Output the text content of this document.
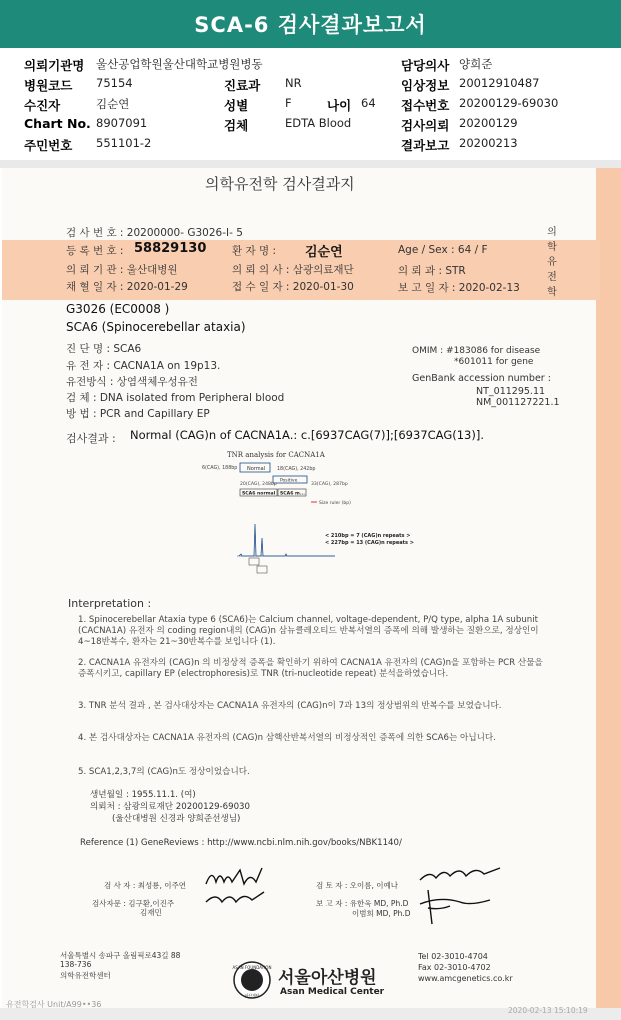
SCA-6 검사결과보고서
의뢰기관명 울산공업학원울산대학교병원병동	담당의사 양희준
병원코드 75154	진료과 NR	임상정보 20012910487
수진자	김순연	성별	F	나이 64 접수번호 20200129-69030
Chart No. 8907091	검체	EDTA Blood	검사의뢰 20200129
주민번호 551101-2	결과보고 20200213
의학유전학 검사결과지
검 사 번 호 : 20200000- G3026-I- 5
등 록 번 호 : 58829130 환 자 명 : 김순연	Age / Sex : 64 / F
의 뢰 기 관 : 울산대병원	의 뢰 의 사 : 삼광의료재단	의 뢰 과 : STR
채 혈 일 자 : 2020-01-29	접 수 일 자 : 2020-01-30	보 고 일 자 : 2020-02-13
의
학
유
전
학
G3026 (EC0008 )
SCA6 (Spinocerebellar ataxia)
진 단 명 : SCA6
유 전 자 : CACNA1A on 19p13.
유전방식 : 상염색체우성유전
검 체 : DNA isolated from Peripheral blood
방 법 : PCR and Capillary EP
OMIM : #183086 for disease
*601011 for gene
GenBank accession number :
NT_011295.11
NM_001127221.1
검사결과 : Normal (CAG)n of CACNA1A.: c.[6937CAG(7)];[6937CAG(13)].
TNR analysis for CACNA1A
6(CAG), 188bp Normal 18(CAG), 242bp
Positive
20(CAG), 248bp	33(CAG), 287bp
SCA6 normal SCA6 m...
Size ruler (bp)
< 210bp = 7 (CAG)n repeats >
< 227bp = 13 (CAG)n repeats >
Interpretation :
1. Spinocerebellar Ataxia type 6 (SCA6)는 Calcium channel, voltage-dependent, P/Q type, alpha 1A subunit (CACNA1A) 유전자 의 coding region내의 (CAG)n 삼뉴클레오티드 반복서열의 증폭에 의해 발생하는 질환으로, 정상인이 4~18반복수, 환자는 21~30반복수를 보입니다 (1).
2. CACNA1A 유전자의 (CAG)n 의 비정상적 증폭을 확인하기 위하여 CACNA1A 유전자의 (CAG)n을 포함하는 PCR 산물을 증폭시키고, capillary EP (electrophoresis)로 TNR (tri-nucleotide repeat) 분석을하였습니다.
3. TNR 분석 결과 , 본 검사대상자는 CACNA1A 유전자의 (CAG)n이 7과 13의 정상범위의 반복수를 보였습니다.
4. 본 검사대상자는 CACNA1A 유전자의 (CAG)n 삼핵산반복서열의 비정상적인 증폭에 의한 SCA6는 아닙니다.
5. SCA1,2,3,7의 (CAG)n도 정상이었습니다.
생년월일 : 1955.11.1. (여)
의뢰처 : 삼광의료재단 20200129-69030
(울산대병원 신경과 양희준선생님)
Reference (1) GeneReviews : http://www.ncbi.nlm.nih.gov/books/NBK1140/
검 사 자 : 최성룡, 이주연
검사자문 : 김구환,이진주
김재민
검 토 자 : 오이름, 이예나
보 고 자 : 유한욱 MD, Ph.D
이범희 MD, Ph.D
서울특별시 송파구 올림픽로43길 88
138-736
의학유전학센터
ASAN FOUNDATION
아산재단
서울아산병원
Asan Medical Center
Tel 02-3010-4704
Fax 02-3010-4702
www.amcgenetics.co.kr
유전학검사 Unit/A99••36
2020-02-13 15:10:19
